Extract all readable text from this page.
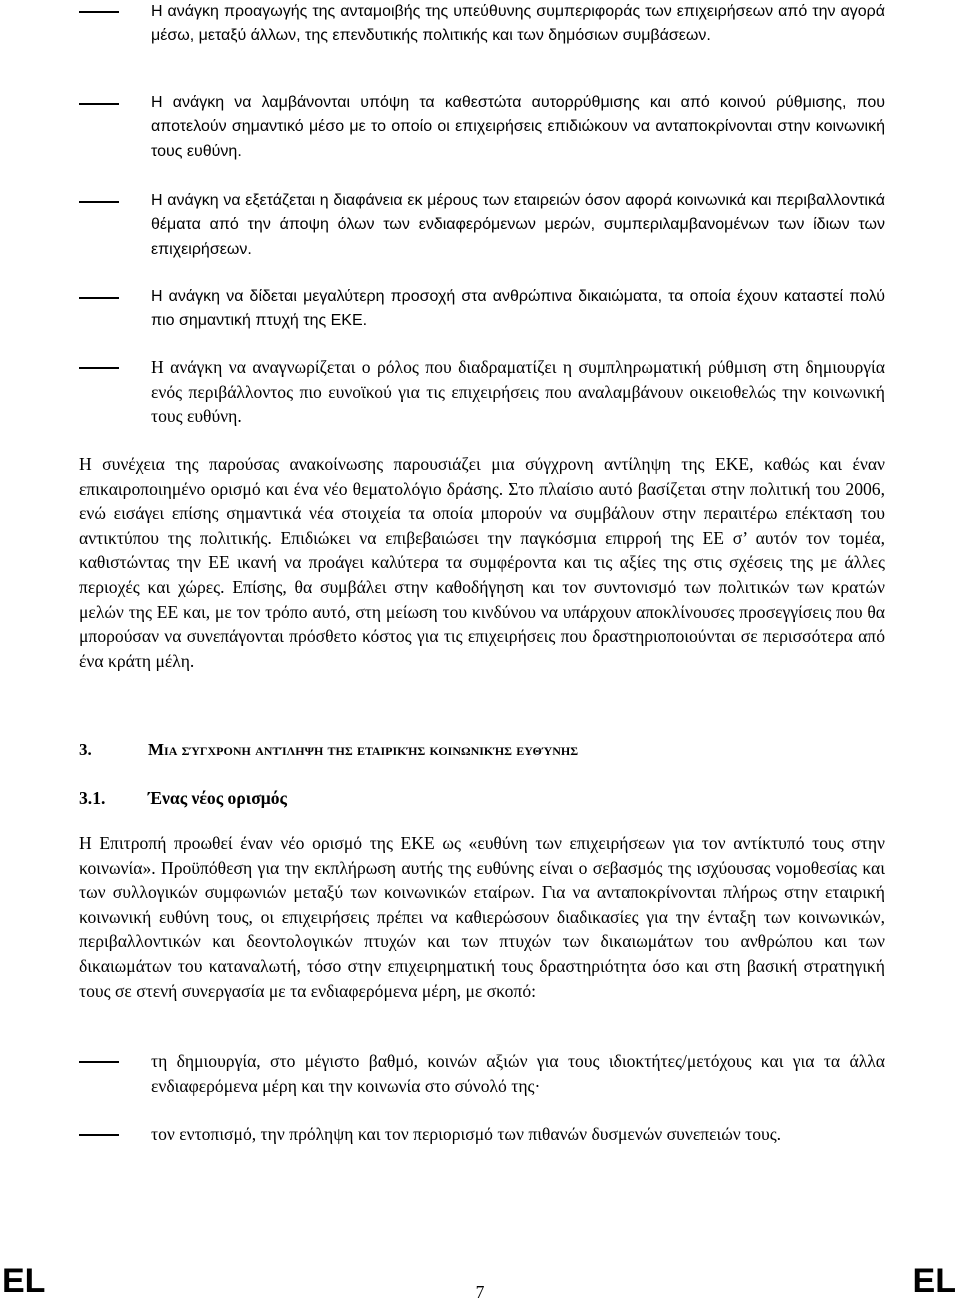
Η ανάγκη προαγωγής της ανταμοιβής της υπεύθυνης συμπεριφοράς των επιχειρήσεων από την αγορά μέσω, μεταξύ άλλων, της επενδυτικής πολιτικής και των δημόσιων συμβάσεων.
Η ανάγκη να λαμβάνονται υπόψη τα καθεστώτα αυτορρύθμισης και από κοινού ρύθμισης, που αποτελούν σημαντικό μέσο με το οποίο οι επιχειρήσεις επιδιώκουν να ανταποκρίνονται στην κοινωνική τους ευθύνη.
Η ανάγκη να εξετάζεται η διαφάνεια εκ μέρους των εταιρειών όσον αφορά κοινωνικά και περιβαλλοντικά θέματα από την άποψη όλων των ενδιαφερόμενων μερών, συμπεριλαμβανομένων των ίδιων των επιχειρήσεων.
Η ανάγκη να δίδεται μεγαλύτερη προσοχή στα ανθρώπινα δικαιώματα, τα οποία έχουν καταστεί πολύ πιο σημαντική πτυχή της ΕΚΕ.
Η ανάγκη να αναγνωρίζεται ο ρόλος που διαδραματίζει η συμπληρωματική ρύθμιση στη δημιουργία ενός περιβάλλοντος πιο ευνοϊκού για τις επιχειρήσεις που αναλαμβάνουν οικειοθελώς την κοινωνική τους ευθύνη.
Η συνέχεια της παρούσας ανακοίνωσης παρουσιάζει μια σύγχρονη αντίληψη της ΕΚΕ, καθώς και έναν επικαιροποιημένο ορισμό και ένα νέο θεματολόγιο δράσης. Στο πλαίσιο αυτό βασίζεται στην πολιτική του 2006, ενώ εισάγει επίσης σημαντικά νέα στοιχεία τα οποία μπορούν να συμβάλουν στην περαιτέρω επέκταση του αντικτύπου της πολιτικής. Επιδιώκει να επιβεβαιώσει την παγκόσμια επιρροή της ΕΕ σ’ αυτόν τον τομέα, καθιστώντας την ΕΕ ικανή να προάγει καλύτερα τα συμφέροντα και τις αξίες της στις σχέσεις της με άλλες περιοχές και χώρες. Επίσης, θα συμβάλει στην καθοδήγηση και τον συντονισμό των πολιτικών των κρατών μελών της ΕΕ και, με τον τρόπο αυτό, στη μείωση του κινδύνου να υπάρχουν αποκλίνουσες προσεγγίσεις που θα μπορούσαν να συνεπάγονται πρόσθετο κόστος για τις επιχειρήσεις που δραστηριοποιούνται σε περισσότερα από ένα κράτη μέλη.
3.	Μια σύγχρονη αντίληψη της εταιρικής κοινωνικής ευθύνης
3.1. Ένας νέος ορισμός
Η Επιτροπή προωθεί έναν νέο ορισμό της ΕΚΕ ως «ευθύνη των επιχειρήσεων για τον αντίκτυπό τους στην κοινωνία». Προϋπόθεση για την εκπλήρωση αυτής της ευθύνης είναι ο σεβασμός της ισχύουσας νομοθεσίας και των συλλογικών συμφωνιών μεταξύ των κοινωνικών εταίρων. Για να ανταποκρίνονται πλήρως στην εταιρική κοινωνική ευθύνη τους, οι επιχειρήσεις πρέπει να καθιερώσουν διαδικασίες για την ένταξη των κοινωνικών, περιβαλλοντικών και δεοντολογικών πτυχών και των πτυχών των δικαιωμάτων του ανθρώπου και των δικαιωμάτων του καταναλωτή, τόσο στην επιχειρηματική τους δραστηριότητα όσο και στη βασική στρατηγική τους σε στενή συνεργασία με τα ενδιαφερόμενα μέρη, με σκοπό:
τη δημιουργία, στο μέγιστο βαθμό, κοινών αξιών για τους ιδιοκτήτες/μετόχους και για τα άλλα ενδιαφερόμενα μέρη και την κοινωνία στο σύνολό της·
τον εντοπισμό, την πρόληψη και τον περιορισμό των πιθανών δυσμενών συνεπειών τους.
EL	7	EL
